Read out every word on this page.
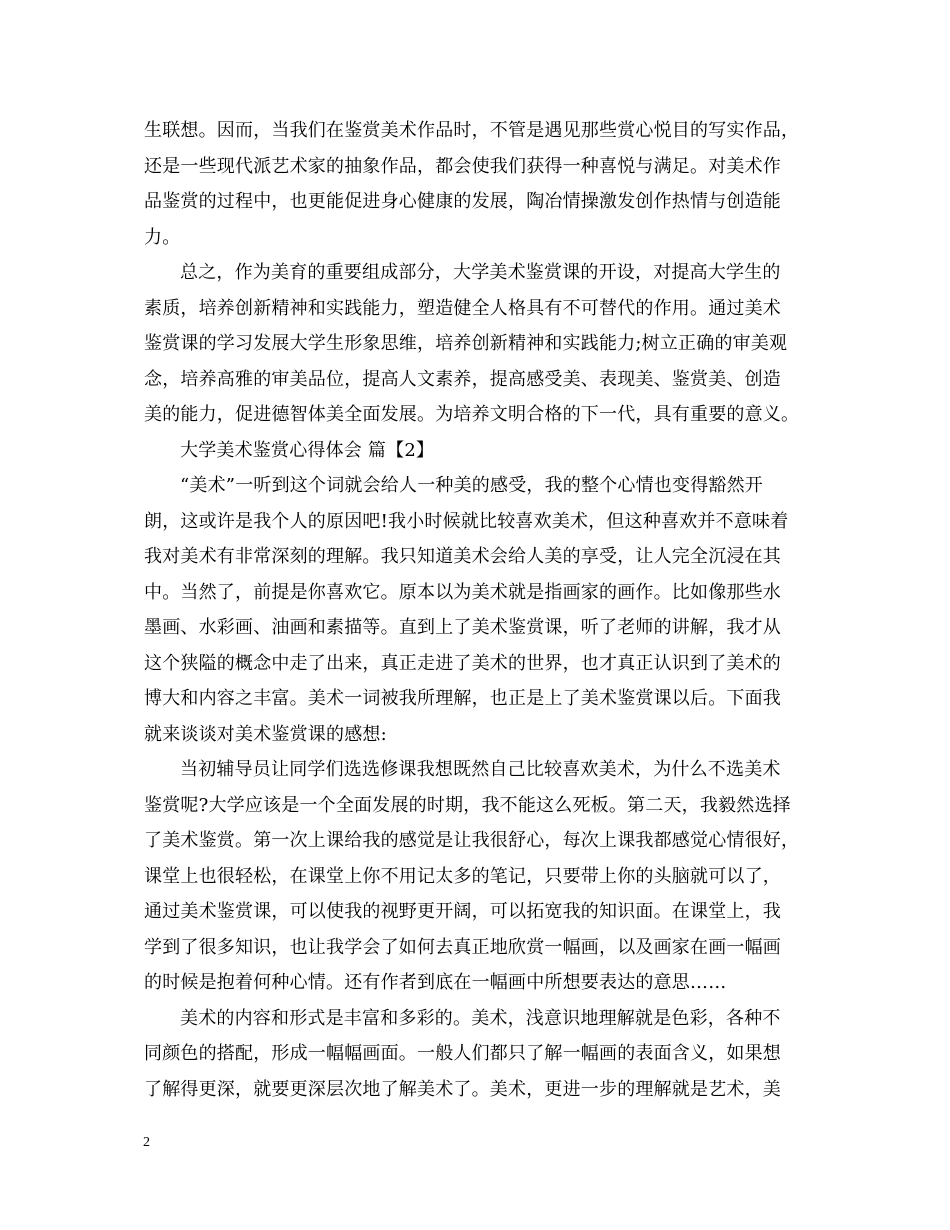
生联想。因而，当我们在鉴赏美术作品时，不管是遇见那些赏心悦目的写实作品，
还是一些现代派艺术家的抽象作品，都会使我们获得一种喜悦与满足。对美术作
品鉴赏的过程中，也更能促进身心健康的发展，陶冶情操激发创作热情与创造能
力。
总之，作为美育的重要组成部分，大学美术鉴赏课的开设，对提高大学生的
素质，培养创新精神和实践能力，塑造健全人格具有不可替代的作用。通过美术
鉴赏课的学习发展大学生形象思维，培养创新精神和实践能力;树立正确的审美观
念，培养高雅的审美品位，提高人文素养，提高感受美、表现美、鉴赏美、创造
美的能力，促进德智体美全面发展。为培养文明合格的下一代，具有重要的意义。
大学美术鉴赏心得体会 篇【2】
“美术”一听到这个词就会给人一种美的感受，我的整个心情也变得豁然开
朗，这或许是我个人的原因吧!我小时候就比较喜欢美术，但这种喜欢并不意味着
我对美术有非常深刻的理解。我只知道美术会给人美的享受，让人完全沉浸在其
中。当然了，前提是你喜欢它。原本以为美术就是指画家的画作。比如像那些水
墨画、水彩画、油画和素描等。直到上了美术鉴赏课，听了老师的讲解，我才从
这个狭隘的概念中走了出来，真正走进了美术的世界，也才真正认识到了美术的
博大和内容之丰富。美术一词被我所理解，也正是上了美术鉴赏课以后。下面我
就来谈谈对美术鉴赏课的感想:
当初辅导员让同学们选选修课我想既然自己比较喜欢美术，为什么不选美术
鉴赏呢?大学应该是一个全面发展的时期，我不能这么死板。第二天，我毅然选择
了美术鉴赏。第一次上课给我的感觉是让我很舒心，每次上课我都感觉心情很好，
课堂上也很轻松，在课堂上你不用记太多的笔记，只要带上你的头脑就可以了，
通过美术鉴赏课，可以使我的视野更开阔，可以拓宽我的知识面。在课堂上，我
学到了很多知识，也让我学会了如何去真正地欣赏一幅画，以及画家在画一幅画
的时候是抱着何种心情。还有作者到底在一幅画中所想要表达的意思……
美术的内容和形式是丰富和多彩的。美术，浅意识地理解就是色彩，各种不
同颜色的搭配，形成一幅幅画面。一般人们都只了解一幅画的表面含义，如果想
了解得更深，就要更深层次地了解美术了。美术，更进一步的理解就是艺术，美
2
